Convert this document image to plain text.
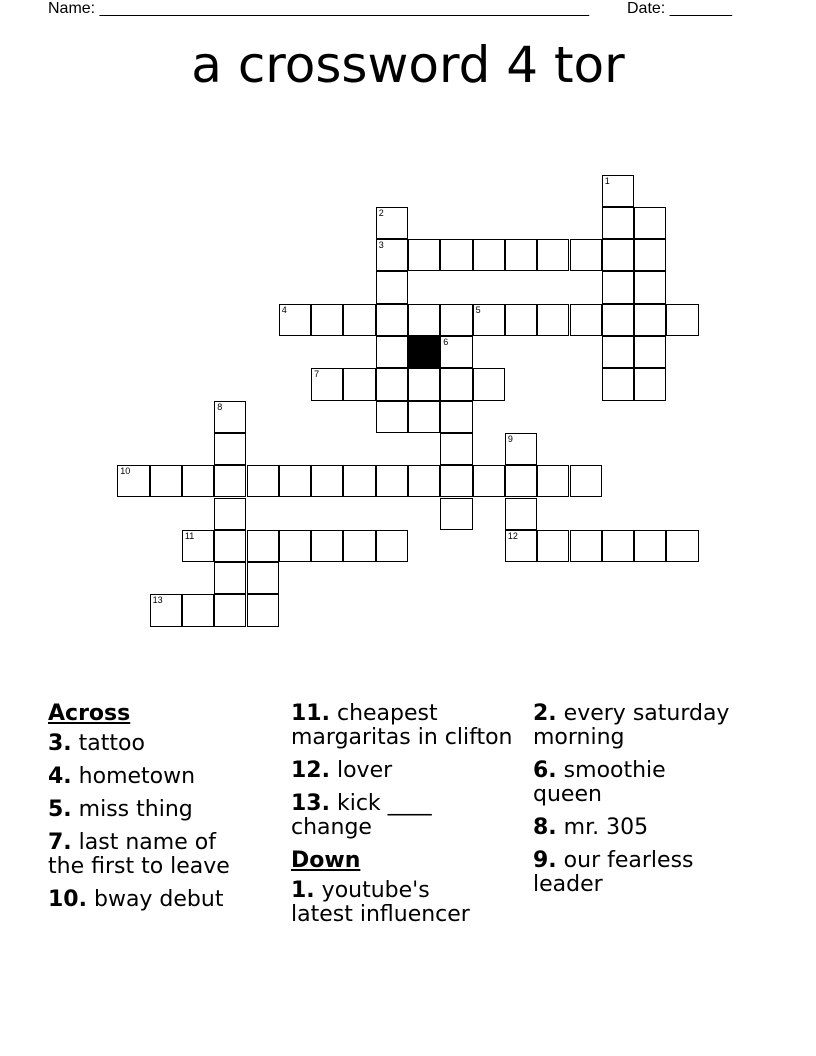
Name: _______________________________________________________ Date: _______
a crossword 4 tor
1
2
3
4	5
6
7
8
9
12
10
11
13
Across
3. tattoo
4. hometown
5. miss thing
7. last name of
the first to leave
10. bway debut
11. cheapest
margaritas in clifton
12. lover
13. kick ____
change
Down
1. youtube's
latest influencer
2. every saturday
morning
6. smoothie
queen
8. mr. 305
9. our fearless
leader
